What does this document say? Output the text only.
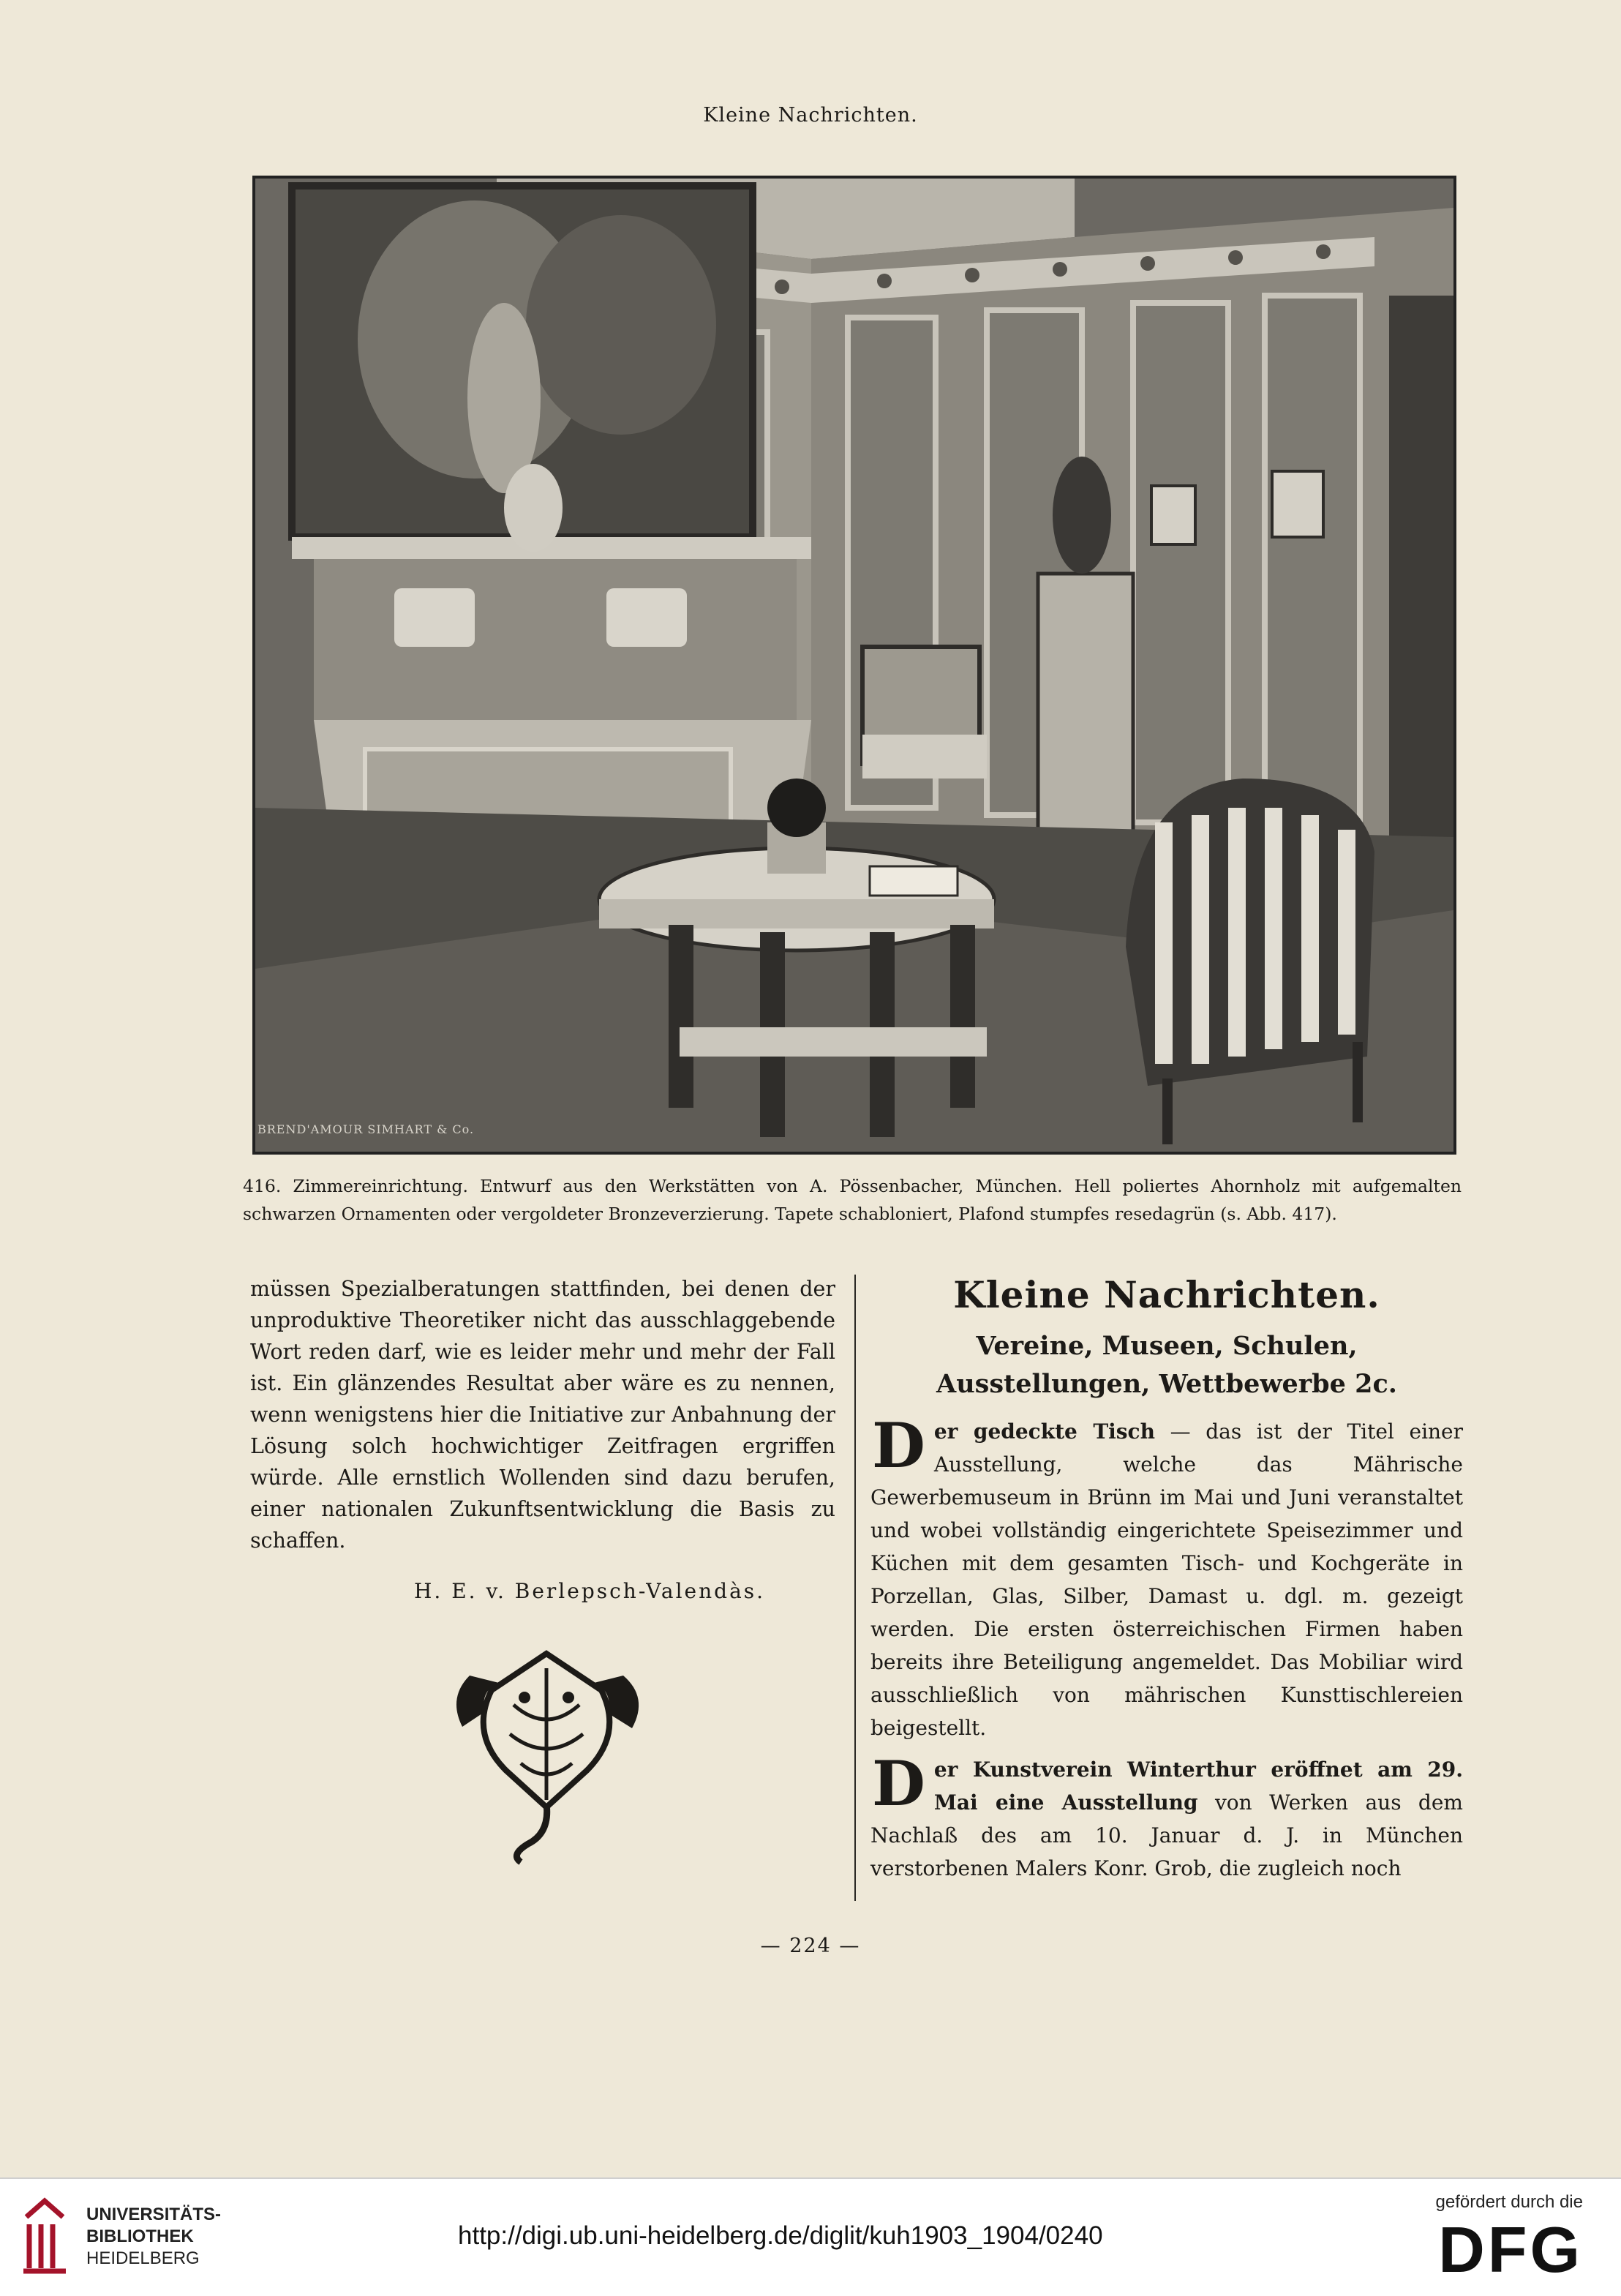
Kleine Nachrichten.
BREND'AMOUR SIMHART & Co.
416. Zimmereinrichtung. Entwurf aus den Werkstätten von A. Pössenbacher, München. Hell poliertes Ahornholz mit aufgemalten schwarzen Ornamenten oder vergoldeter Bronzeverzierung. Tapete schabloniert, Plafond stumpfes resedagrün (s. Abb. 417).

müssen Spezialberatungen stattfinden, bei denen der unproduktive Theoretiker nicht das ausschlaggebende Wort reden darf, wie es leider mehr und mehr der Fall ist. Ein glänzendes Resultat aber wäre es zu nennen, wenn wenigstens hier die Initiative zur Anbahnung der Lösung solch hochwichtiger Zeitfragen ergriffen würde. Alle ernstlich Wollenden sind dazu berufen, einer nationalen Zukunftsentwicklung die Basis zu schaffen.

H. E. v. Berlepsch-Valendàs.
Kleine Nachrichten.
Vereine, Museen, Schulen, Ausstellungen, Wettbewerbe 2c.

Der gedeckte Tisch — das ist der Titel einer Ausstellung, welche das Mährische Gewerbemuseum in Brünn im Mai und Juni veranstaltet und wobei vollständig eingerichtete Speisezimmer und Küchen mit dem gesamten Tisch- und Kochgeräte in Porzellan, Glas, Silber, Damast u. dgl. m. gezeigt werden. Die ersten österreichischen Firmen haben bereits ihre Beteiligung angemeldet. Das Mobiliar wird ausschließlich von mährischen Kunsttischlereien beigestellt.

Der Kunstverein Winterthur eröffnet am 29. Mai eine Ausstellung von Werken aus dem Nachlaß des am 10. Januar d. J. in München verstorbenen Malers Konr. Grob, die zugleich noch

— 224 —
UNIVERSITÄTS-
BIBLIOTHEK
HEIDELBERG
http://digi.ub.uni-heidelberg.de/diglit/kuh1903_1904/0240
gefördert durch die
DFG
